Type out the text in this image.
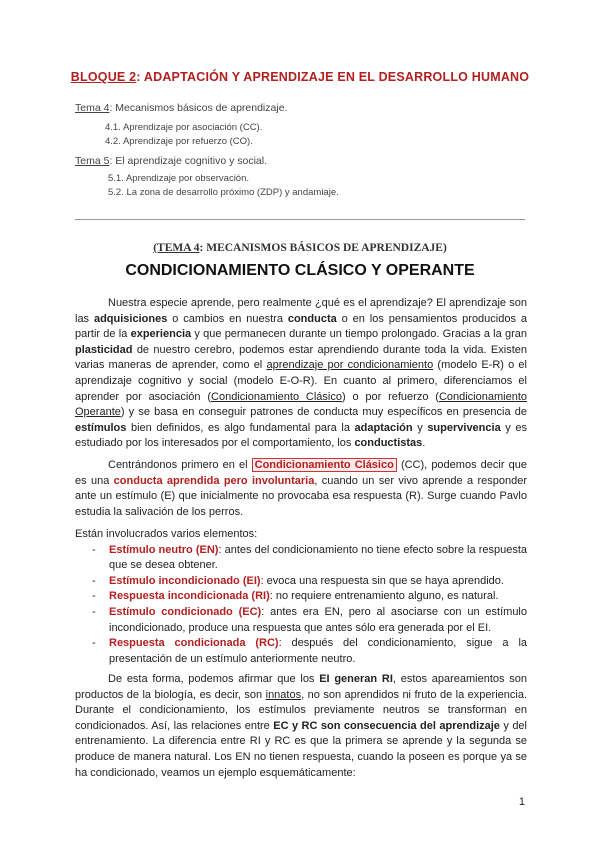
BLOQUE 2: ADAPTACIÓN Y APRENDIZAJE EN EL DESARROLLO HUMANO
Tema 4: Mecanismos básicos de aprendizaje.
4.1. Aprendizaje por asociación (CC).
4.2. Aprendizaje por refuerzo (CO).
Tema 5: El aprendizaje cognitivo y social.
5.1. Aprendizaje por observación.
5.2. La zona de desarrollo próximo (ZDP) y andamiaje.
(TEMA 4: MECANISMOS BÁSICOS DE APRENDIZAJE)
CONDICIONAMIENTO CLÁSICO Y OPERANTE

Nuestra especie aprende, pero realmente ¿qué es el aprendizaje? El aprendizaje son las adquisiciones o cambios en nuestra conducta o en los pensamientos producidos a partir de la experiencia y que permanecen durante un tiempo prolongado. Gracias a la gran plasticidad de nuestro cerebro, podemos estar aprendiendo durante toda la vida. Existen varias maneras de aprender, como el aprendizaje por condicionamiento (modelo E-R) o el aprendizaje cognitivo y social (modelo E-O-R). En cuanto al primero, diferenciamos el aprender por asociación (Condicionamiento Clásico) o por refuerzo (Condicionamiento Operante) y se basa en conseguir patrones de conducta muy específicos en presencia de estímulos bien definidos, es algo fundamental para la adaptación y supervivencia y es estudiado por los interesados por el comportamiento, los conductistas.

Centrándonos primero en el Condicionamiento Clásico (CC), podemos decir que es una conducta aprendida pero involuntaria, cuando un ser vivo aprende a responder ante un estímulo (E) que inicialmente no provocaba esa respuesta (R). Surge cuando Pavlo estudia la salivación de los perros.

Están involucrados varios elementos:

- Estímulo neutro (EN): antes del condicionamiento no tiene efecto sobre la respuesta que se desea obtener.
- Estímulo incondicionado (EI): evoca una respuesta sin que se haya aprendido.
- Respuesta incondicionada (RI): no requiere entrenamiento alguno, es natural.
- Estímulo condicionado (EC): antes era EN, pero al asociarse con un estímulo incondicionado, produce una respuesta que antes sólo era generada por el EI.
- Respuesta condicionada (RC): después del condicionamiento, sigue a la presentación de un estímulo anteriormente neutro.

De esta forma, podemos afirmar que los EI generan RI, estos apareamientos son productos de la biología, es decir, son innatos, no son aprendidos ni fruto de la experiencia. Durante el condicionamiento, los estímulos previamente neutros se transforman en condicionados. Así, las relaciones entre EC y RC son consecuencia del aprendizaje y del entrenamiento. La diferencia entre RI y RC es que la primera se aprende y la segunda se produce de manera natural. Los EN no tienen respuesta, cuando la poseen es porque ya se ha condicionado, veamos un ejemplo esquemáticamente:

1
